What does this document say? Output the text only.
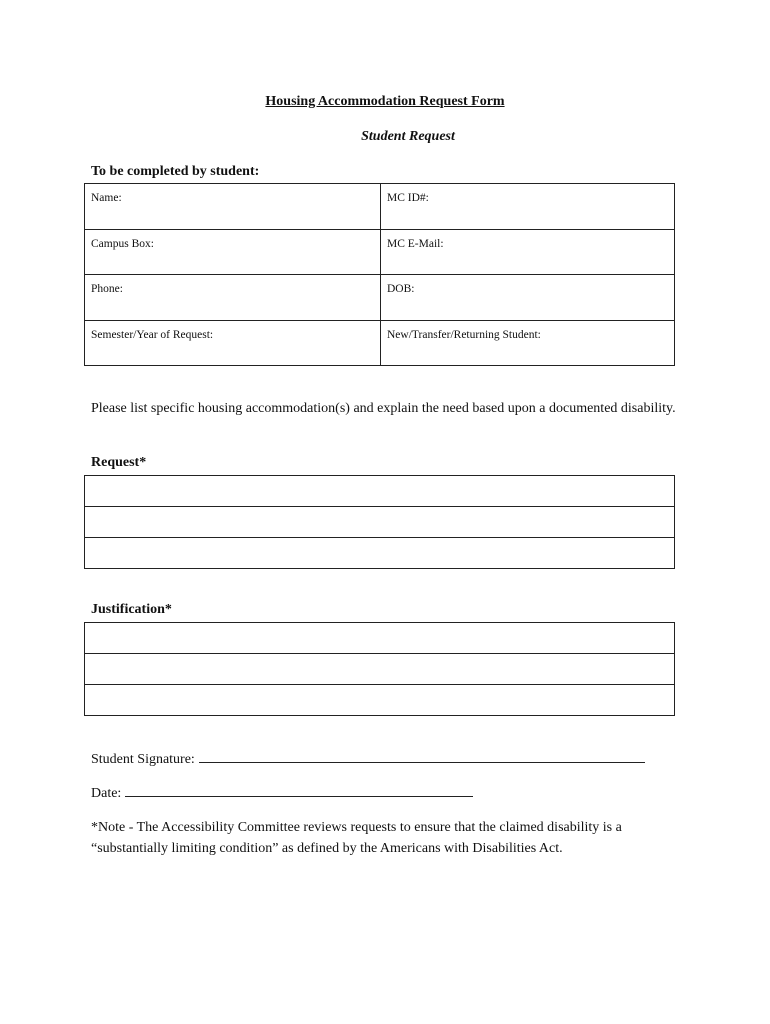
Housing Accommodation Request Form
Student Request
To be completed by student:
Name:	MC ID#:
Campus Box:	MC E-Mail:
Phone:	DOB:
Semester/Year of Request:	New/Transfer/Returning Student:
Please list specific housing accommodation(s) and explain the need based upon a documented disability.
Request*

Justification*

Student Signature:
Date:
*Note - The Accessibility Committee reviews requests to ensure that the claimed disability is a “substantially limiting condition” as defined by the Americans with Disabilities Act.
